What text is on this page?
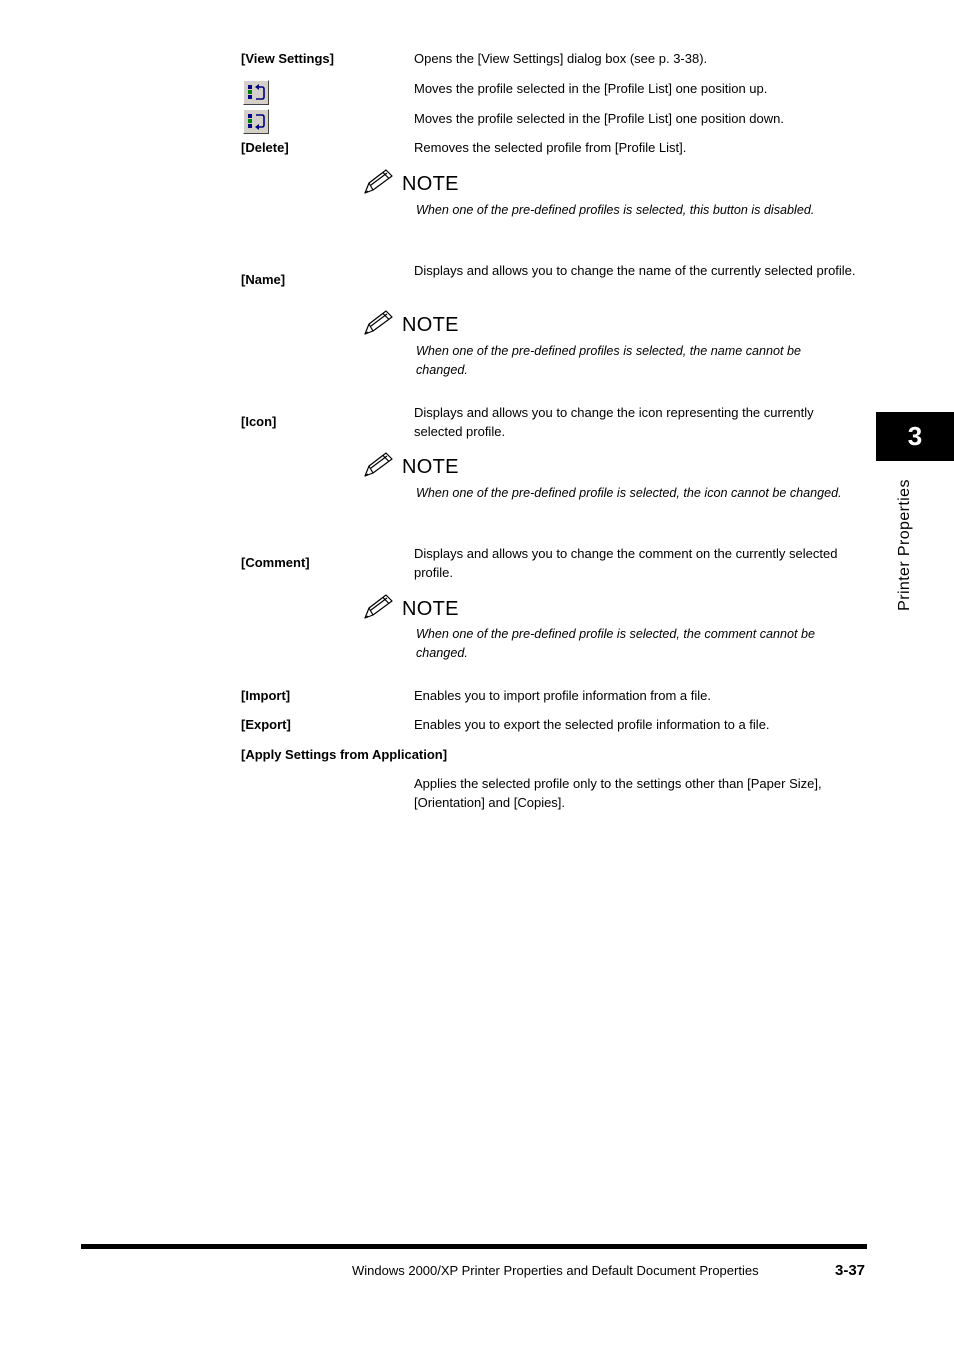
[View Settings]	Opens the [View Settings] dialog box (see p. 3-38).
Moves the profile selected in the [Profile List] one position up.
Moves the profile selected in the [Profile List] one position down.
[Delete]	Removes the selected profile from [Profile List].
NOTE
When one of the pre-defined profiles is selected, this button is disabled.
[Name]
Displays and allows you to change the name of the currently selected profile.
NOTE
When one of the pre-defined profiles is selected, the name cannot be changed.
[Icon]
Displays and allows you to change the icon representing the currently selected profile.
NOTE
When one of the pre-defined profile is selected, the icon cannot be changed.
[Comment]
Displays and allows you to change the comment on the currently selected profile.
NOTE
When one of the pre-defined profile is selected, the comment cannot be changed.
[Import]	Enables you to import profile information from a file.
[Export]	Enables you to export the selected profile information to a file.
[Apply Settings from Application]
Applies the selected profile only to the settings other than [Paper Size], [Orientation] and [Copies].
3
Printer Properties
Windows 2000/XP Printer Properties and Default Document Properties	3-37
